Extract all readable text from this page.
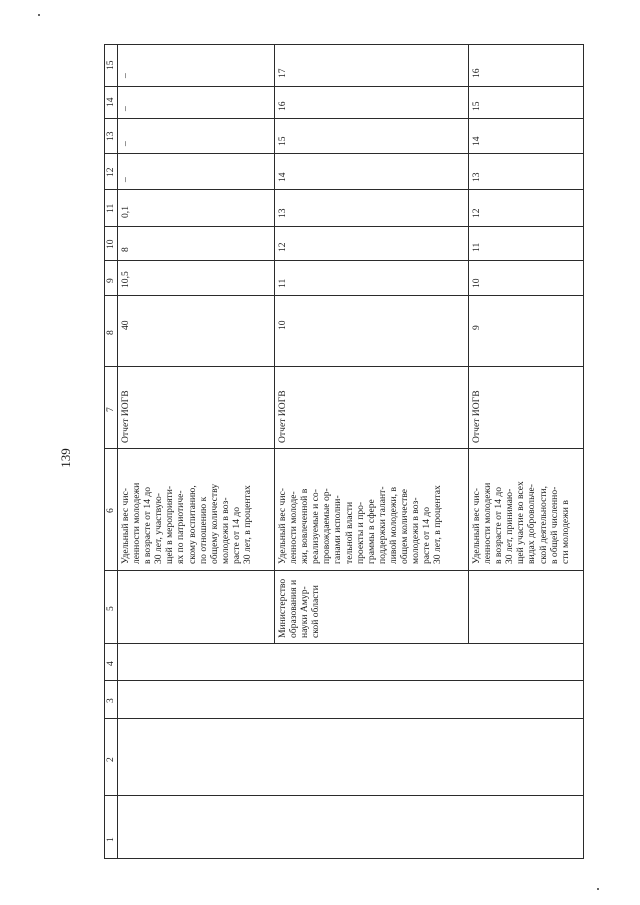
139
15
14
13
12
11
10
9
8
7
6
5
4
3
2
1
Удельный вес чис-
ленности молодежи
в возрасте от 14 до
30 лет, участвую-
щей в мероприяти-
ях по патриотиче-
скому воспитанию,
по отношению к
общему количеству
молодежи в воз-
расте от 14 до
30 лет, в процентах
Отчет ИОГВ
40
10,5
8
0,1
–
–
–
–
Министерство
образования и
науки Амур-
ской области
Удельный вес чис-
ленности молоде-
жи, вовлеченной в
реализуемые и со-
провождаемые ор-
ганами исполни-
тельной власти
проекты и про-
граммы в сфере
поддержки талант-
ливой молодежи, в
общем количестве
молодежи в воз-
расте от 14 до
30 лет, в процентах
Отчет ИОГВ
10
11
12
13
14
15
16
17
Удельный вес чис-
ленности молодежи
в возрасте от 14 до
30 лет, принимаю-
щей участие во всех
видах добровольче-
ской деятельности,
в общей численно-
сти молодежи в
Отчет ИОГВ
9
10
11
12
13
14
15
16
